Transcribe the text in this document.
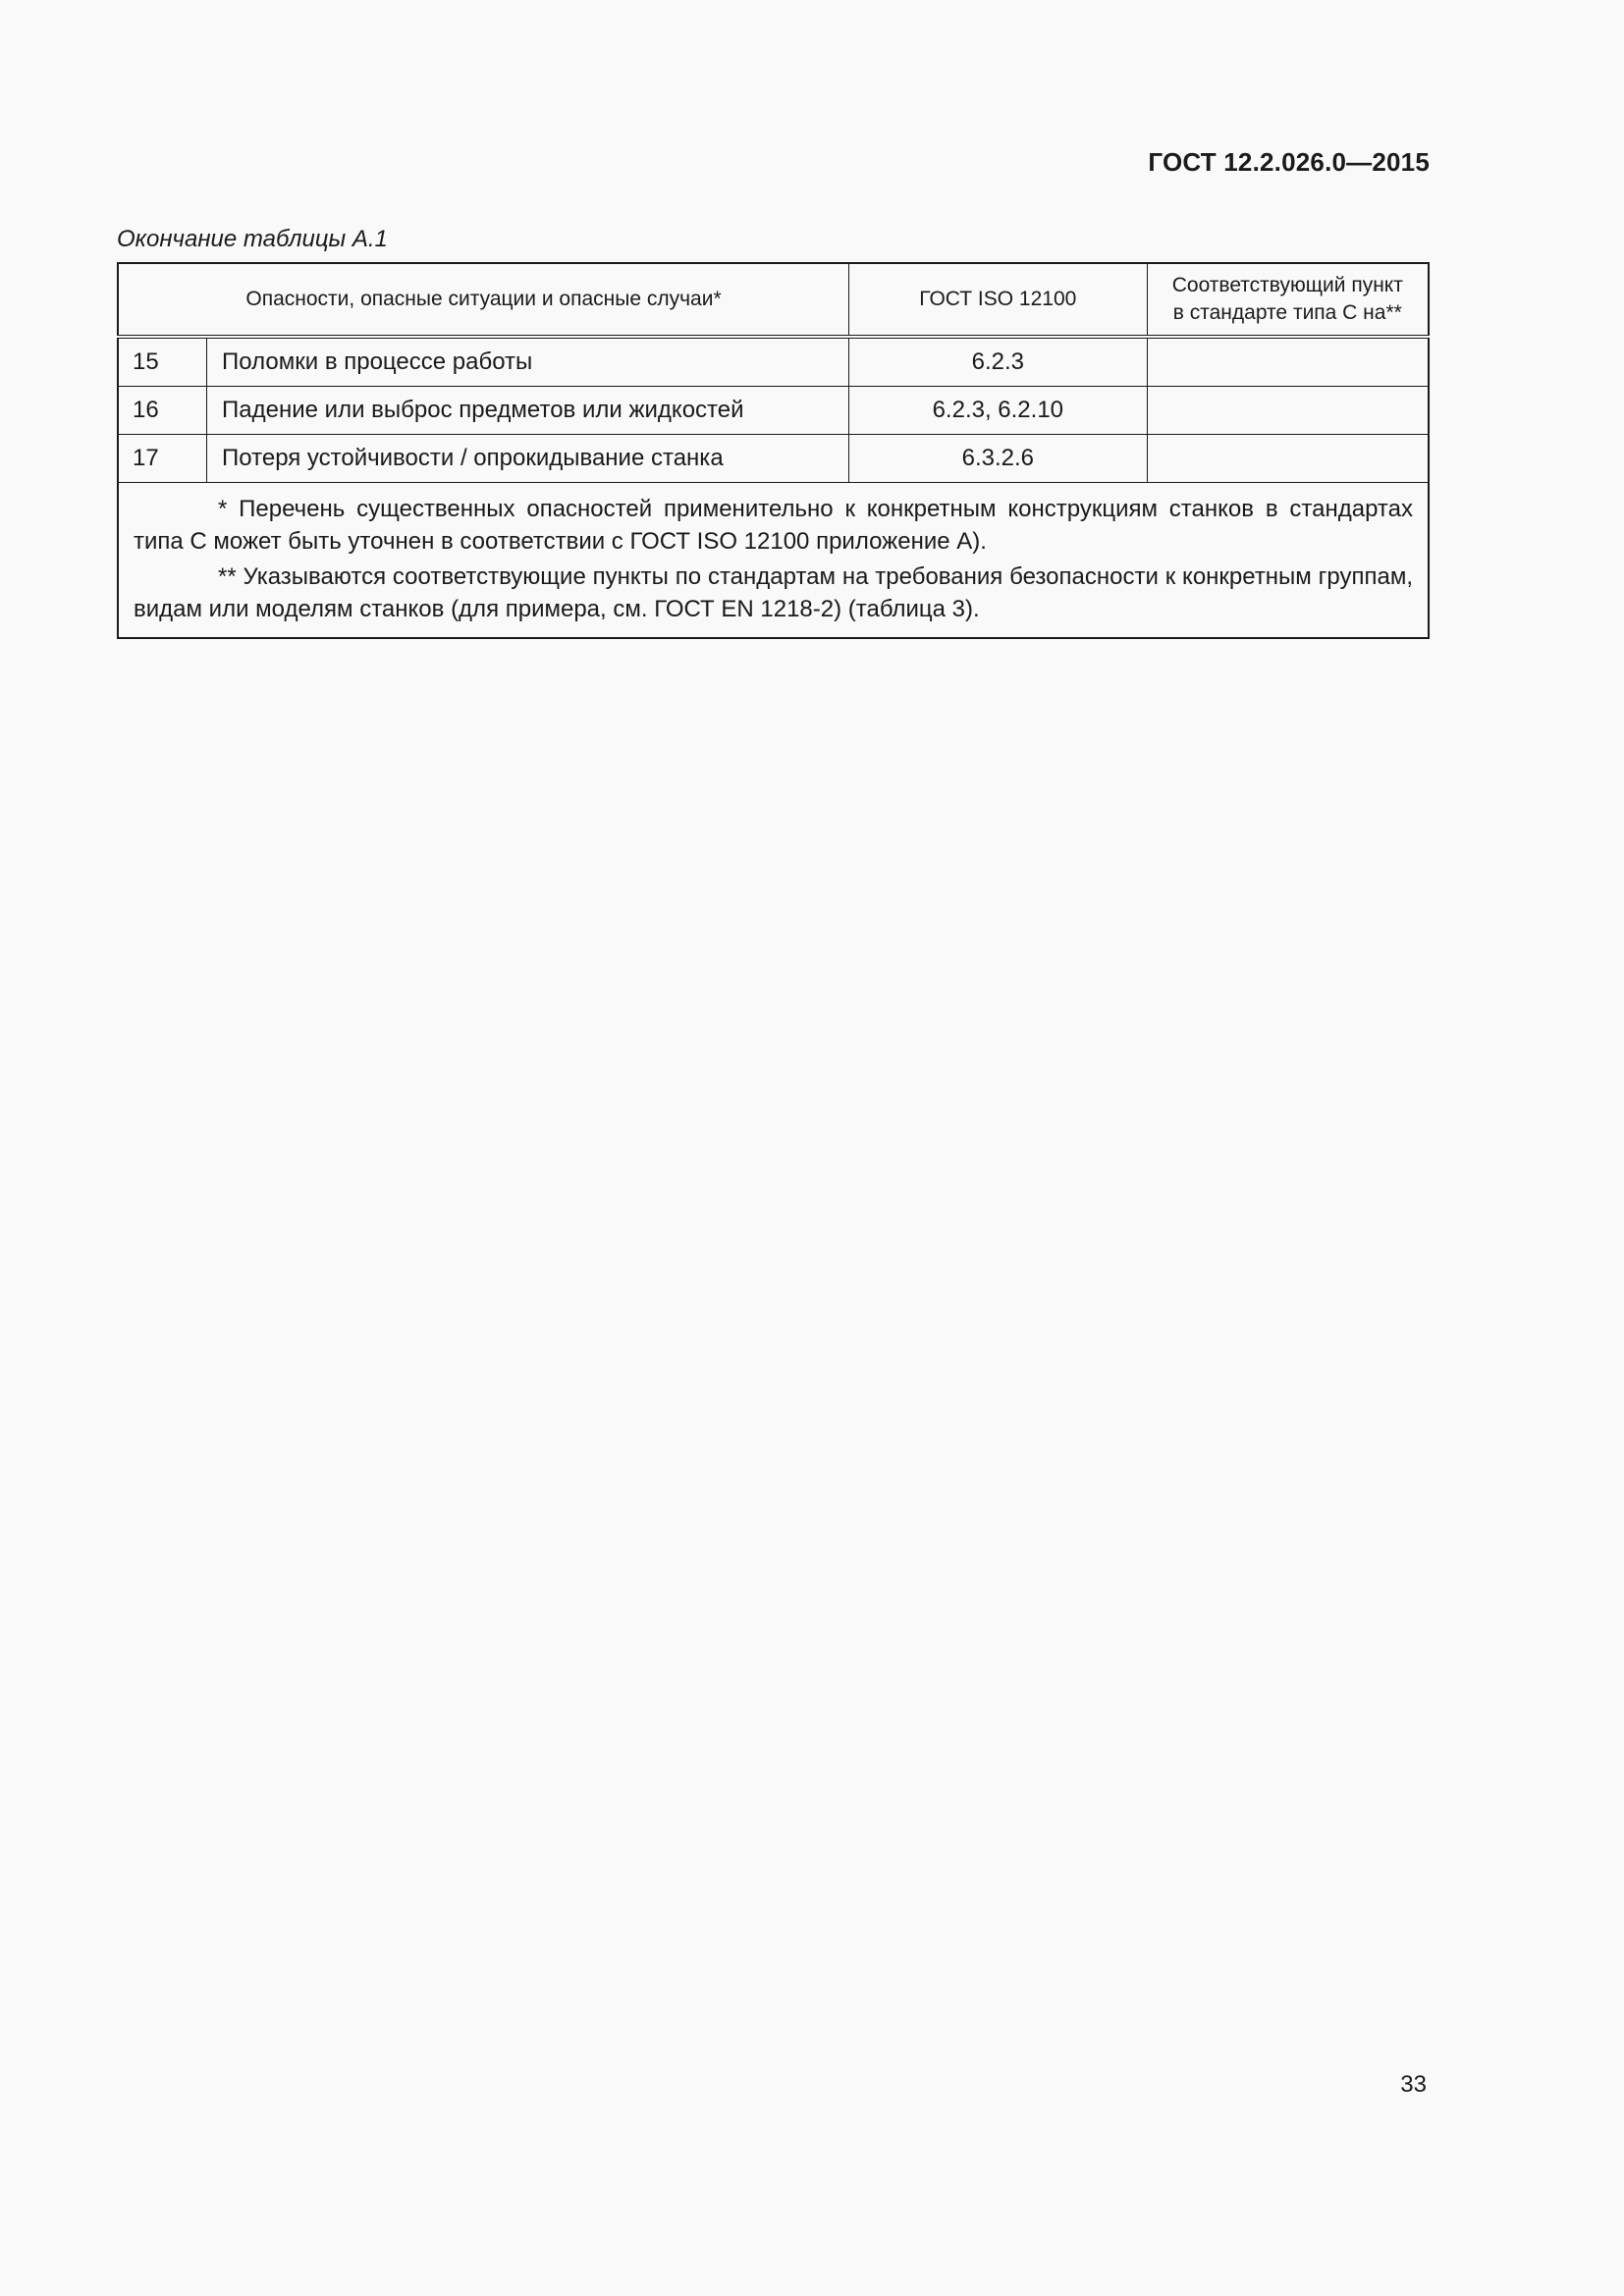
ГОСТ 12.2.026.0—2015
Окончание таблицы А.1
Опасности, опасные ситуации и опасные случаи*		ГОСТ ISO 12100	Соответствующий пункт
в стандарте типа С на**
15	Поломки в процессе работы	6.2.3	
16	Падение или выброс предметов или жидкостей	6.2.3, 6.2.10	
17	Потеря устойчивости / опрокидывание станка	6.3.2.6	

* Перечень существенных опасностей применительно к конкретным конструкциям станков в стандартах типа С может быть уточнен в соответствии с ГОСТ ISO 12100 приложение А).

** Указываются соответствующие пункты по стандартам на требования безопасности к конкретным группам, видам или моделям станков (для примера, см. ГОСТ EN 1218-2) (таблица 3).			

33
